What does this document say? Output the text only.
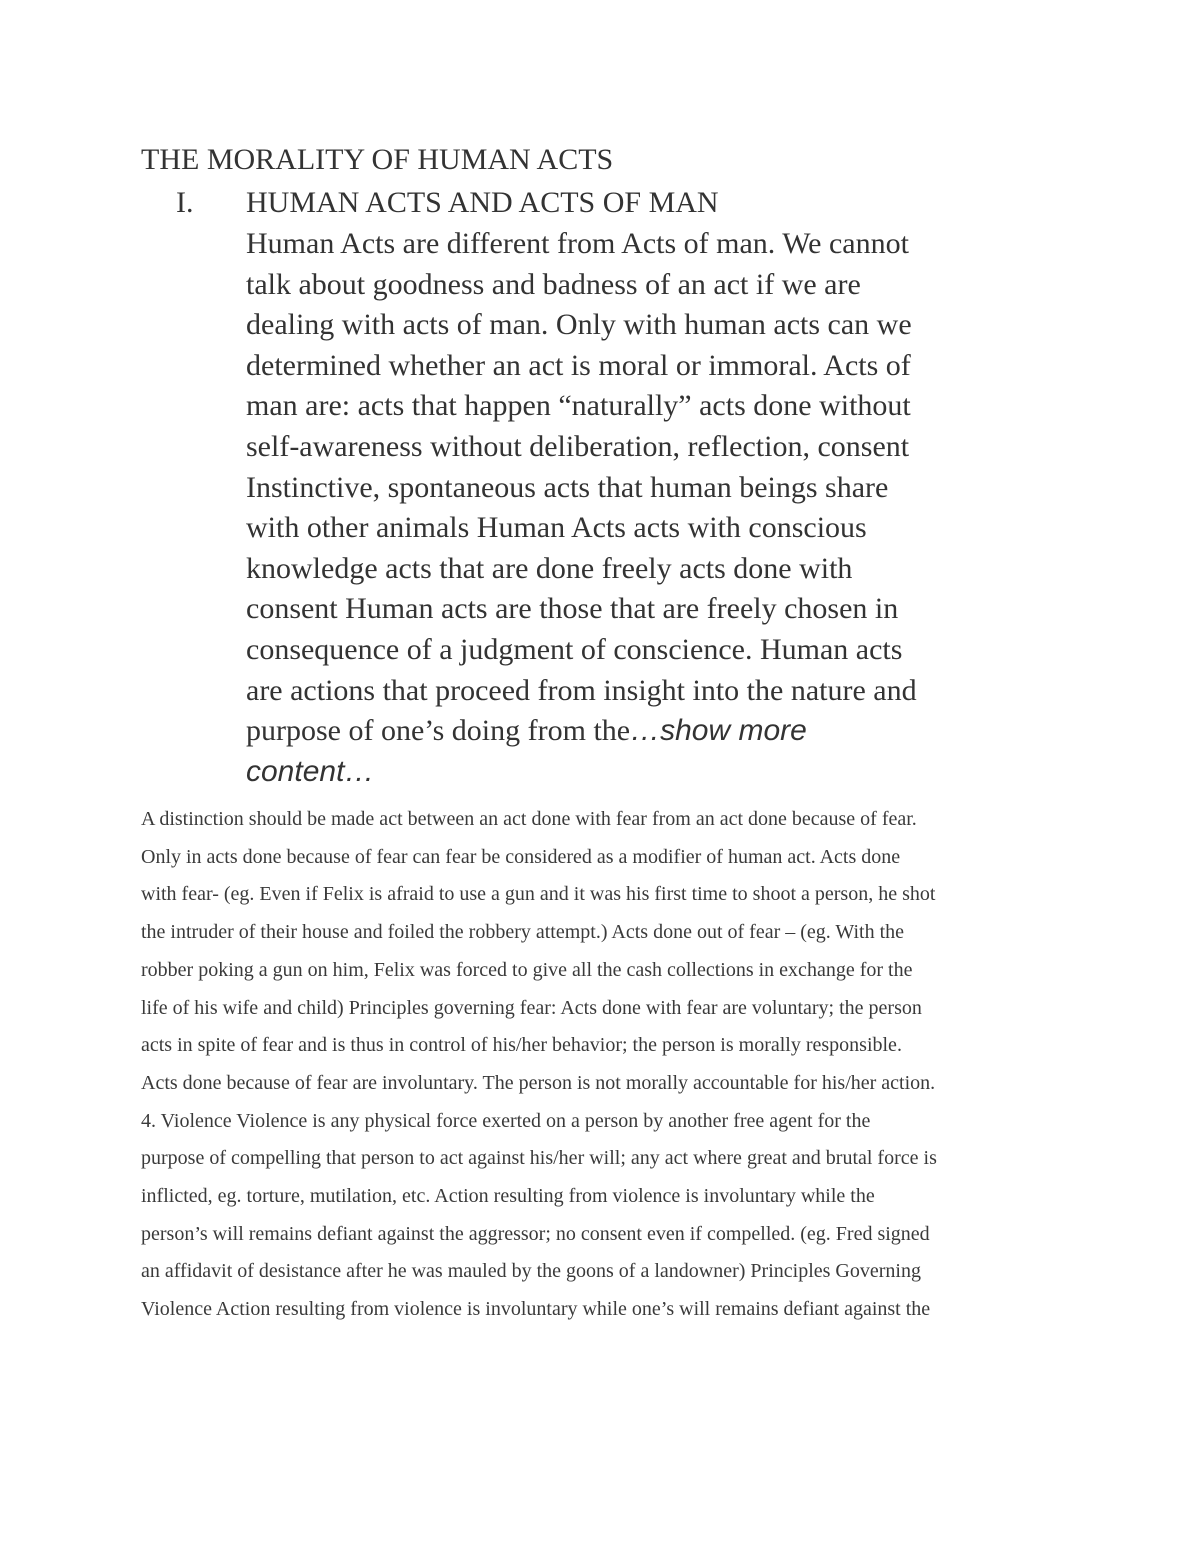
THE MORALITY OF HUMAN ACTS
I. HUMAN ACTS AND ACTS OF MAN
Human Acts are different from Acts of man. We cannot
talk about goodness and badness of an act if we are
dealing with acts of man. Only with human acts can we
determined whether an act is moral or immoral. Acts of
man are: acts that happen “naturally” acts done without
self-awareness without deliberation, reflection, consent
Instinctive, spontaneous acts that human beings share
with other animals Human Acts acts with conscious
knowledge acts that are done freely acts done with
consent Human acts are those that are freely chosen in
consequence of a judgment of conscience. Human acts
are actions that proceed from insight into the nature and
purpose of one’s doing from the…show more
content…
A distinction should be made act between an act done with fear from an act done because of fear.
Only in acts done because of fear can fear be considered as a modifier of human act. Acts done
with fear- (eg. Even if Felix is afraid to use a gun and it was his first time to shoot a person, he shot
the intruder of their house and foiled the robbery attempt.) Acts done out of fear – (eg. With the
robber poking a gun on him, Felix was forced to give all the cash collections in exchange for the
life of his wife and child) Principles governing fear: Acts done with fear are voluntary; the person
acts in spite of fear and is thus in control of his/her behavior; the person is morally responsible.
Acts done because of fear are involuntary. The person is not morally accountable for his/her action.
4. Violence Violence is any physical force exerted on a person by another free agent for the
purpose of compelling that person to act against his/her will; any act where great and brutal force is
inflicted, eg. torture, mutilation, etc. Action resulting from violence is involuntary while the
person’s will remains defiant against the aggressor; no consent even if compelled. (eg. Fred signed
an affidavit of desistance after he was mauled by the goons of a landowner) Principles Governing
Violence Action resulting from violence is involuntary while one’s will remains defiant against the
